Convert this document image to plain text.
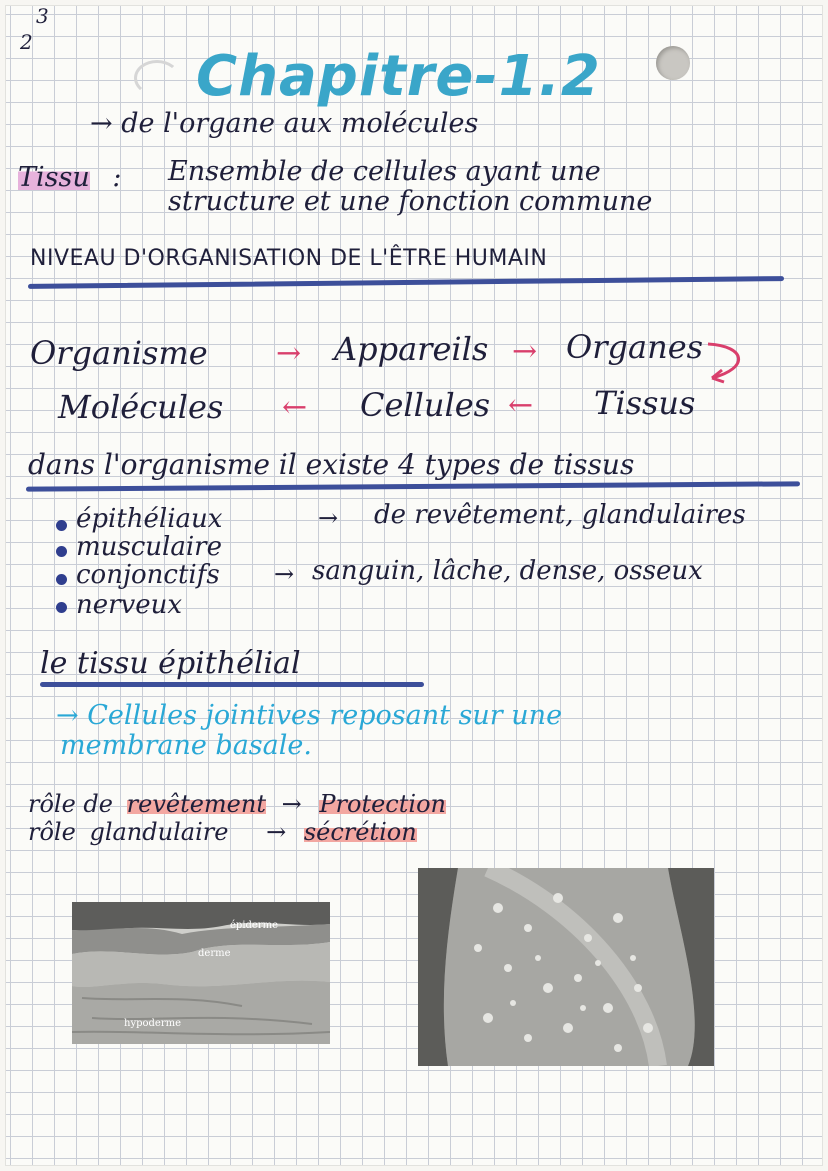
3
2
Chapitre-1.2
→ de l'organe aux molécules
Tissu : Ensemble de cellules ayant une
structure et une fonction commune
NIVEAU D'ORGANISATION DE L'ÊTRE HUMAIN
Organisme → Appareils → Organes
Molécules ← Cellules ← Tissus
dans l'organisme il existe 4 types de tissus
épithéliaux	→ de revêtement, glandulaires
musculaire
conjonctifs → sanguin, lâche, dense, osseux
nerveux
le tissu épithélial
→ Cellules jointives reposant sur une
membrane basale.
rôle de revêtement → Protection
rôle glandulaire → sécrétion
épiderme
derme
hypoderme
